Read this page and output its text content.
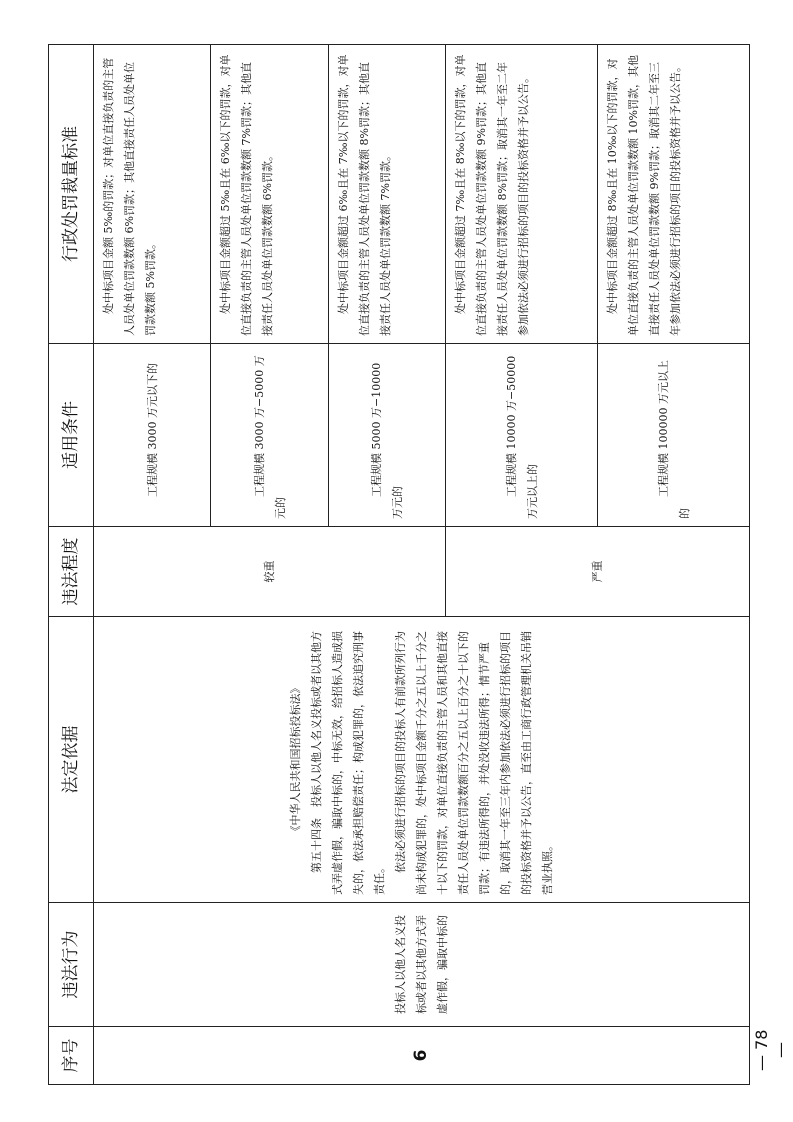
序号	违法行为	法定依据	违法程度	适用条件	行政处罚裁量标准
6	投标人以他人名义投标或者以其他方式弄虚作假，骗取中标的	《中华人民共和国招标投标法》 第五十四条　投标人以他人名义投标或者以其他方式弄虚作假，骗取中标的，中标无效，给招标人造成损失的，依法承担赔偿责任；构成犯罪的，依法追究刑事责任。

依法必须进行招标的项目的投标人有前款所列行为尚未构成犯罪的，处中标项目金额千分之五以上千分之十以下的罚款，对单位直接负责的主管人员和其他直接责任人员处单位罚款数额百分之五以上百分之十以下的罚款；有违法所得的，并处没收违法所得；情节严重的，取消其一年至三年内参加依法必须进行招标的项目的投标资格并予以公告，直至由工商行政管理机关吊销营业执照。	较重	工程规模 3000 万元以下的	处中标项目金额 5‰的罚款；对单位直接负责的主管人员处单位罚款数额 6%罚款；其他直接责任人员处单位罚款数额 5%罚款。
				工程规模 3000 万−5000 万元的	处中标项目金额超过 5‰且在 6‰以下的罚款，对单位直接负责的主管人员处单位罚款数额 7%罚款；其他直接责任人员处单位罚款数额 6%罚款。
				工程规模 5000 万−10000 万元的	处中标项目金额超过 6‰且在 7‰以下的罚款，对单位直接负责的主管人员处单位罚款数额 8%罚款；其他直接责任人员处单位罚款数额 7%罚款。
			严重	工程规模 10000 万−50000 万元以上的	处中标项目金额超过 7‰且在 8‰以下的罚款，对单位直接负责的主管人员处单位罚款数额 9%罚款；其他直接责任人员处单位罚款数额 8%罚款；取消其一年至二年参加依法必须进行招标的项目的投标资格并予以公告。
				工程规模 100000 万元以上的	处中标项目金额超过 8‰且在 10‰以下的罚款，对单位直接负责的主管人员处单位罚款数额 10%罚款，其他直接责任人员处单位罚款数额 9%罚款；取消其二年至三年参加依法必须进行招标的项目的投标资格并予以公告。
— 78 —
